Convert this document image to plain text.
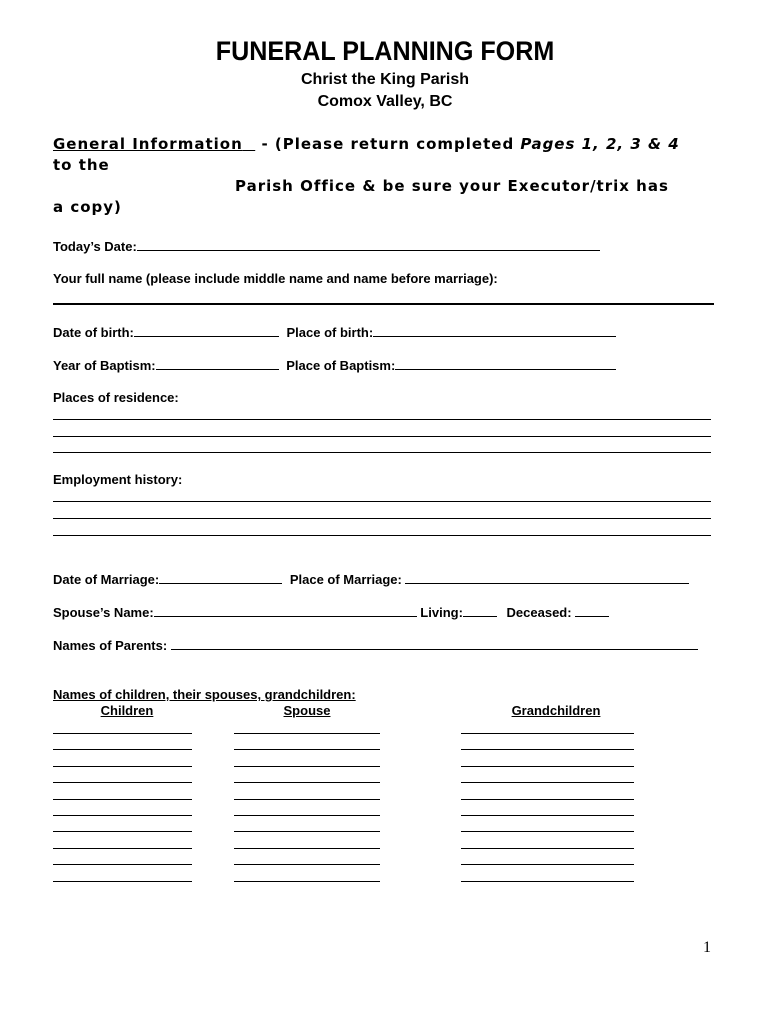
FUNERAL PLANNING FORM
Christ the King Parish
Comox Valley, BC
General Information   - (Please return completed Pages 1, 2, 3 & 4
to the
Parish Office & be sure your Executor/trix has
a copy)
Today’s Date:
Your full name (please include middle name and name before marriage):
Date of birth:	Place of birth:
Year of Baptism:	Place of Baptism:
Places of residence:
Employment history:
Date of Marriage:	Place of Marriage:
Spouse’s Name:	Living:	Deceased:
Names of Parents:
Names of children, their spouses, grandchildren:
Children	Spouse	Grandchildren
1
